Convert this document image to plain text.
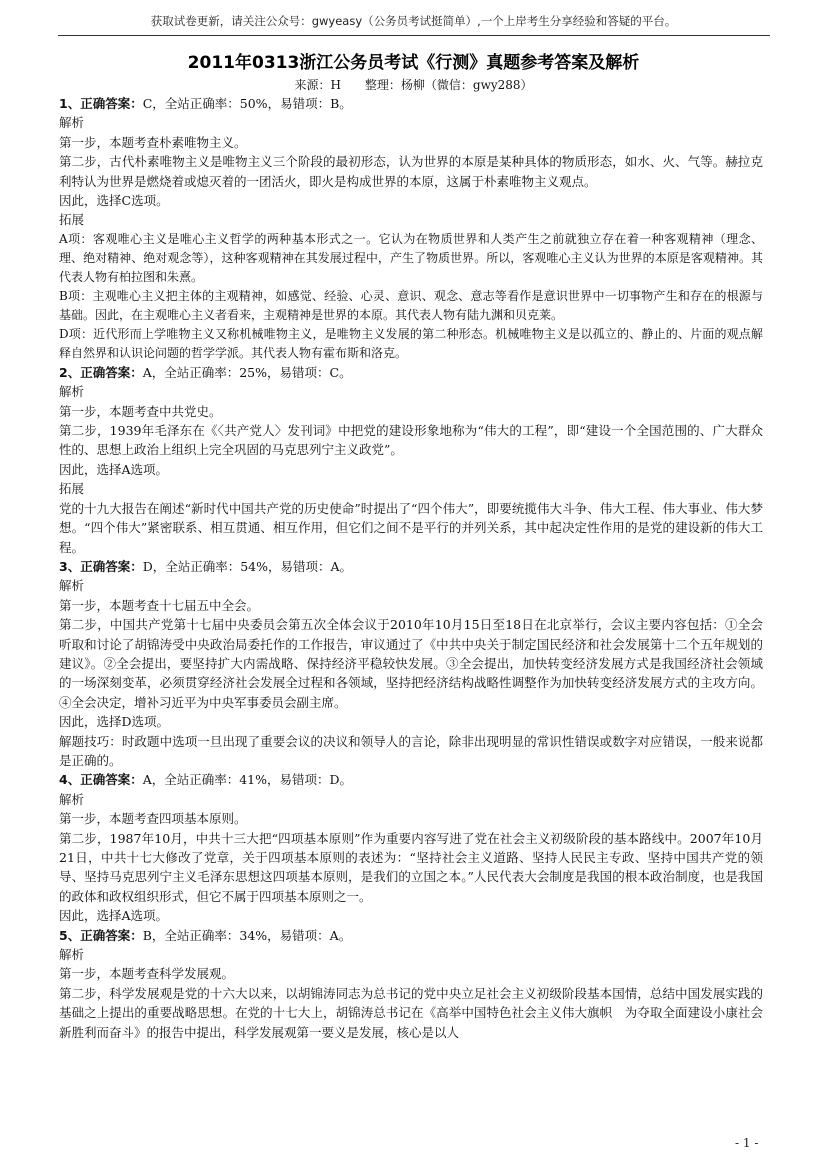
获取试卷更新，请关注公众号：gwyeasy（公务员考试挺简单）,一个上岸考生分享经验和答疑的平台。
2011年0313浙江公务员考试《行测》真题参考答案及解析
来源：H　　整理：杨柳（微信：gwy288）

1、正确答案：C，全站正确率：50%，易错项：B。

解析

第一步，本题考查朴素唯物主义。

第二步，古代朴素唯物主义是唯物主义三个阶段的最初形态，认为世界的本原是某种具体的物质形态，如水、火、气等。赫拉克利特认为世界是燃烧着或熄灭着的一团活火，即火是构成世界的本原，这属于朴素唯物主义观点。

因此，选择C选项。

拓展

A项：客观唯心主义是唯心主义哲学的两种基本形式之一。它认为在物质世界和人类产生之前就独立存在着一种客观精神（理念、理、绝对精神、绝对观念等），这种客观精神在其发展过程中，产生了物质世界。所以，客观唯心主义认为世界的本原是客观精神。其代表人物有柏拉图和朱熹。

B项：主观唯心主义把主体的主观精神，如感觉、经验、心灵、意识、观念、意志等看作是意识世界中一切事物产生和存在的根源与基础。因此，在主观唯心主义者看来，主观精神是世界的本原。其代表人物有陆九渊和贝克莱。

D项：近代形而上学唯物主义又称机械唯物主义，是唯物主义发展的第二种形态。机械唯物主义是以孤立的、静止的、片面的观点解释自然界和认识论问题的哲学学派。其代表人物有霍布斯和洛克。

2、正确答案：A，全站正确率：25%，易错项：C。

解析

第一步，本题考查中共党史。

第二步，1939年毛泽东在《〈共产党人〉发刊词》中把党的建设形象地称为“伟大的工程”，即“建设一个全国范围的、广大群众性的、思想上政治上组织上完全巩固的马克思列宁主义政党”。

因此，选择A选项。

拓展

党的十九大报告在阐述“新时代中国共产党的历史使命”时提出了“四个伟大”，即要统揽伟大斗争、伟大工程、伟大事业、伟大梦想。“四个伟大”紧密联系、相互贯通、相互作用，但它们之间不是平行的并列关系，其中起决定性作用的是党的建设新的伟大工程。

3、正确答案：D，全站正确率：54%，易错项：A。

解析

第一步，本题考查十七届五中全会。

第二步，中国共产党第十七届中央委员会第五次全体会议于2010年10月15日至18日在北京举行，会议主要内容包括：①全会听取和讨论了胡锦涛受中央政治局委托作的工作报告，审议通过了《中共中央关于制定国民经济和社会发展第十二个五年规划的建议》。②全会提出，要坚持扩大内需战略、保持经济平稳较快发展。③全会提出，加快转变经济发展方式是我国经济社会领域的一场深刻变革，必须贯穿经济社会发展全过程和各领域，坚持把经济结构战略性调整作为加快转变经济发展方式的主攻方向。④全会决定，增补习近平为中央军事委员会副主席。

因此，选择D选项。

解题技巧：时政题中选项一旦出现了重要会议的决议和领导人的言论，除非出现明显的常识性错误或数字对应错误，一般来说都是正确的。

4、正确答案：A，全站正确率：41%，易错项：D。

解析

第一步，本题考查四项基本原则。

第二步，1987年10月，中共十三大把“四项基本原则”作为重要内容写进了党在社会主义初级阶段的基本路线中。2007年10月21日，中共十七大修改了党章，关于四项基本原则的表述为：“坚持社会主义道路、坚持人民民主专政、坚持中国共产党的领导、坚持马克思列宁主义毛泽东思想这四项基本原则，是我们的立国之本。”人民代表大会制度是我国的根本政治制度，也是我国的政体和政权组织形式，但它不属于四项基本原则之一。

因此，选择A选项。

5、正确答案：B，全站正确率：34%，易错项：A。

解析

第一步，本题考查科学发展观。

第二步，科学发展观是党的十六大以来，以胡锦涛同志为总书记的党中央立足社会主义初级阶段基本国情，总结中国发展实践的基础之上提出的重要战略思想。在党的十七大上，胡锦涛总书记在《高举中国特色社会主义伟大旗帜　为夺取全面建设小康社会新胜利而奋斗》的报告中提出，科学发展观第一要义是发展，核心是以人

- 1 -
